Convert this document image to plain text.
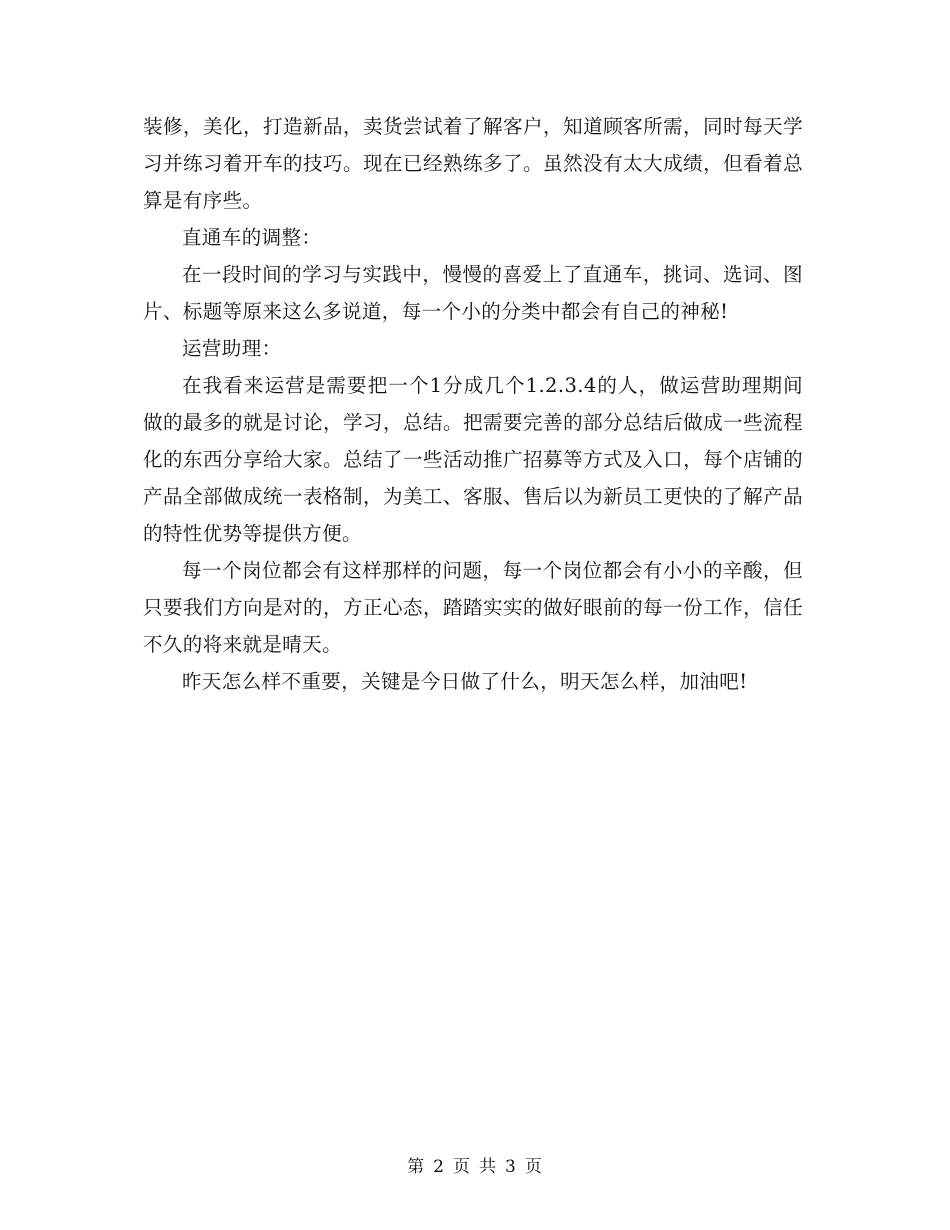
装修，美化，打造新品，卖货尝试着了解客户，知道顾客所需，同时每天学习并练习着开车的技巧。现在已经熟练多了。虽然没有太大成绩，但看着总算是有序些。

直通车的调整：

在一段时间的学习与实践中，慢慢的喜爱上了直通车，挑词、选词、图片、标题等原来这么多说道，每一个小的分类中都会有自己的神秘!

运营助理：

在我看来运营是需要把一个1分成几个1.2.3.4的人，做运营助理期间做的最多的就是讨论，学习，总结。把需要完善的部分总结后做成一些流程化的东西分享给大家。总结了一些活动推广招募等方式及入口，每个店铺的产品全部做成统一表格制，为美工、客服、售后以为新员工更快的了解产品的特性优势等提供方便。

每一个岗位都会有这样那样的问题，每一个岗位都会有小小的辛酸，但只要我们方向是对的，方正心态，踏踏实实的做好眼前的每一份工作，信任不久的将来就是晴天。

昨天怎么样不重要，关键是今日做了什么，明天怎么样，加油吧!

第 2 页 共 3 页
